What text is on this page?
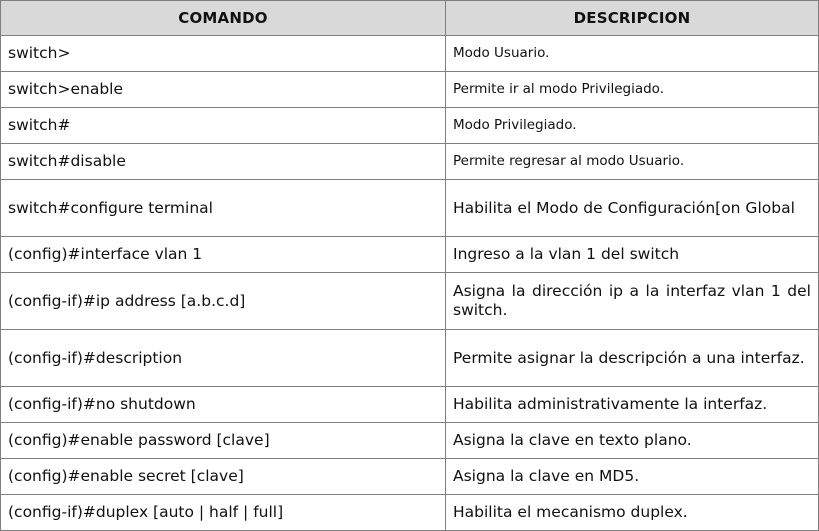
COMANDO	DESCRIPCION
switch>	Modo Usuario.
switch>enable	Permite ir al modo Privilegiado.
switch#	Modo Privilegiado.
switch#disable	Permite regresar al modo Usuario.
switch#configure terminal	Habilita el Modo de Configuración[on Global
(config)#interface vlan 1	Ingreso a la vlan 1 del switch
(config-if)#ip address [a.b.c.d]	Asigna la dirección ip a la interfaz vlan 1 del switch.
(config-if)#description	Permite asignar la descripción a una interfaz.
(config-if)#no shutdown	Habilita administrativamente la interfaz.
(config)#enable password [clave]	Asigna la clave en texto plano.
(config)#enable secret [clave]	Asigna la clave en MD5.
(config-if)#duplex [auto | half | full]	Habilita el mecanismo duplex.
